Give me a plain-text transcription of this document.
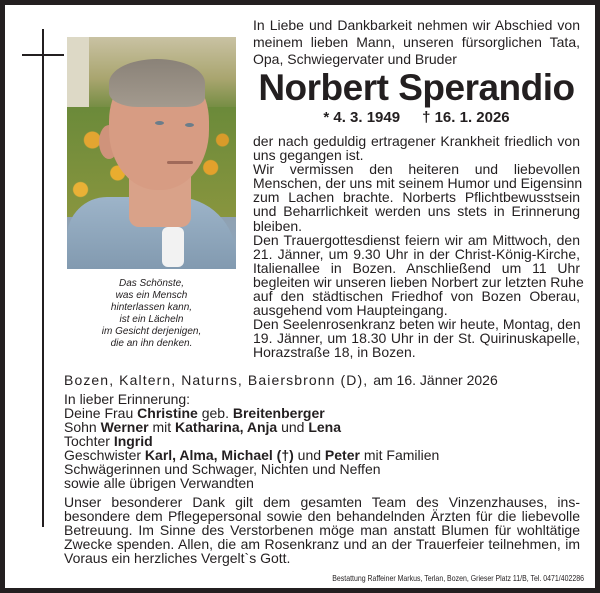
Das Schönste,
was ein Mensch
hinterlassen kann,
ist ein Lächeln
im Gesicht derjenigen,
die an ihn denken.
In Liebe und Dankbarkeit nehmen wir Abschied von
meinem lieben Mann, unseren fürsorglichen Tata,
Opa, Schwiegervater und Bruder
Norbert Sperandio
* 4. 3. 1949 † 16. 1. 2026
der nach geduldig ertragener Krankheit friedlich von
uns gegangen ist.
Wir vermissen den heiteren und liebevollen
Menschen, der uns mit seinem Humor und Eigensinn
zum Lachen brachte. Norberts Pflichtbewusstsein
und Beharrlichkeit werden uns stets in Erinnerung
bleiben.
Den Trauergottesdienst feiern wir am Mittwoch, den
21. Jänner, um 9.30 Uhr in der Christ-König-Kirche,
Italienallee in Bozen. Anschließend um 11 Uhr
begleiten wir unseren lieben Norbert zur letzten Ruhe
auf den städtischen Friedhof von Bozen Oberau,
ausgehend vom Haupteingang.
Den Seelenrosenkranz beten wir heute, Montag, den
19. Jänner, um 18.30 Uhr in der St. Quirinuskapelle,
Horazstraße 18, in Bozen.
Bozen, Kaltern, Naturns, Baiersbronn (D), am 16. Jänner 2026
In lieber Erinnerung:
Deine Frau Christine geb. Breitenberger
Sohn Werner mit Katharina, Anja und Lena
Tochter Ingrid
Geschwister Karl, Alma, Michael (†) und Peter mit Familien
Schwägerinnen und Schwager, Nichten und Neffen
sowie alle übrigen Verwandten
Unser besonderer Dank gilt dem gesamten Team des Vinzenzhauses, ins-
besondere dem Pflegepersonal sowie den behandelnden Ärzten für die liebevolle
Betreuung. Im Sinne des Verstorbenen möge man anstatt Blumen für wohltätige
Zwecke spenden. Allen, die am Rosenkranz und an der Trauerfeier teilnehmen, im
Voraus ein herzliches Vergelt`s Gott.
Bestattung Raffeiner Markus, Terlan, Bozen, Grieser Platz 11/B, Tel. 0471/402286
